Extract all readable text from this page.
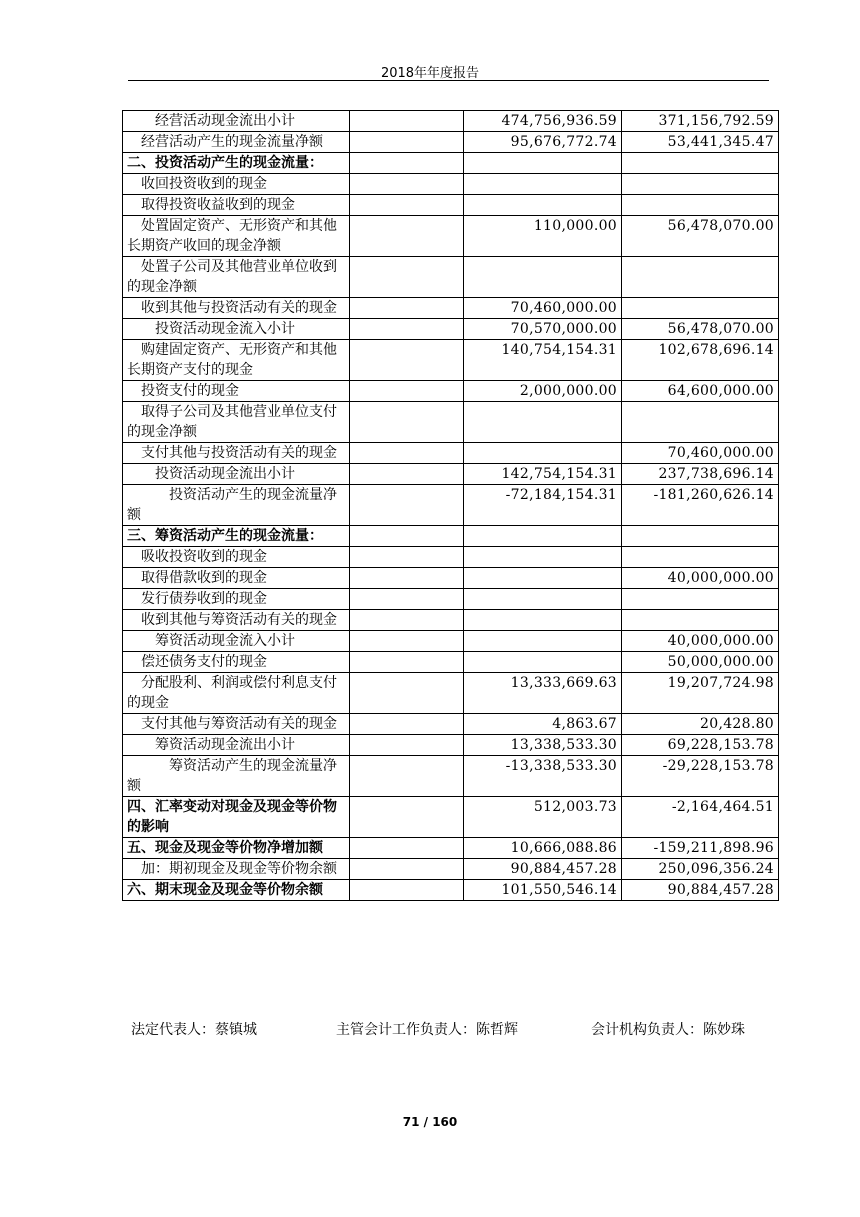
2018年年度报告
经营活动现金流出小计		474,756,936.59	371,156,792.59

经营活动产生的现金流量净额		95,676,772.74	53,441,345.47

二、投资活动产生的现金流量：			

收回投资收到的现金			

取得投资收益收到的现金			

处置固定资产、无形资产和其他长期资产收回的现金净额		110,000.00	56,478,070.00

处置子公司及其他营业单位收到的现金净额			

收到其他与投资活动有关的现金		70,460,000.00	

投资活动现金流入小计		70,570,000.00	56,478,070.00

购建固定资产、无形资产和其他长期资产支付的现金		140,754,154.31	102,678,696.14

投资支付的现金		2,000,000.00	64,600,000.00

取得子公司及其他营业单位支付的现金净额			

支付其他与投资活动有关的现金			70,460,000.00

投资活动现金流出小计		142,754,154.31	237,738,696.14

投资活动产生的现金流量净额		-72,184,154.31	-181,260,626.14

三、筹资活动产生的现金流量：			

吸收投资收到的现金			

取得借款收到的现金			40,000,000.00

发行债券收到的现金			

收到其他与筹资活动有关的现金			

筹资活动现金流入小计			40,000,000.00

偿还债务支付的现金			50,000,000.00

分配股利、利润或偿付利息支付的现金		13,333,669.63	19,207,724.98

支付其他与筹资活动有关的现金		4,863.67	20,428.80

筹资活动现金流出小计		13,338,533.30	69,228,153.78

筹资活动产生的现金流量净额		-13,338,533.30	-29,228,153.78

四、汇率变动对现金及现金等价物的影响		512,003.73	-2,164,464.51

五、现金及现金等价物净增加额		10,666,088.86	-159,211,898.96

加：期初现金及现金等价物余额		90,884,457.28	250,096,356.24

六、期末现金及现金等价物余额		101,550,546.14	90,884,457.28
法定代表人：蔡镇城	主管会计工作负责人：陈哲辉	会计机构负责人：陈妙珠
71 / 160
